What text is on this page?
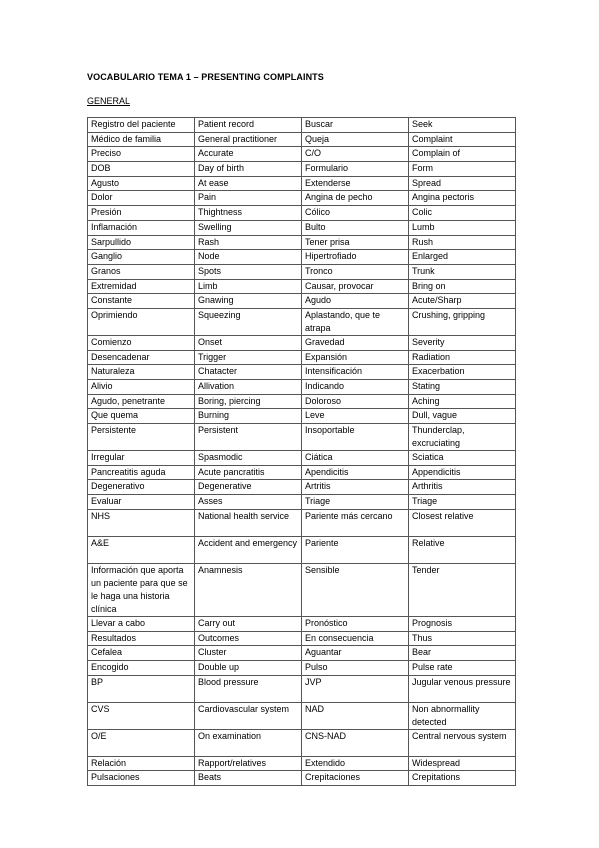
VOCABULARIO TEMA 1 – PRESENTING COMPLAINTS
GENERAL
Registro del paciente	Patient record	Buscar	Seek
Médico de familia	General practitioner	Queja	Complaint
Preciso	Accurate	C/O	Complain of
DOB	Day of birth	Formulario	Form
Agusto	At ease	Extenderse	Spread
Dolor	Pain	Angina de pecho	Angina pectoris
Presión	Thightness	Cólico	Colic
Inflamación	Swelling	Bulto	Lumb
Sarpullido	Rash	Tener prisa	Rush
Ganglio	Node	Hipertrofiado	Enlarged
Granos	Spots	Tronco	Trunk
Extremidad	Limb	Causar, provocar	Bring on
Constante	Gnawing	Agudo	Acute/Sharp
Oprimiendo	Squeezing	Aplastando, que te atrapa	Crushing, gripping
Comienzo	Onset	Gravedad	Severity
Desencadenar	Trigger	Expansión	Radiation
Naturaleza	Chatacter	Intensificación	Exacerbation
Alivio	Allivation	Indicando	Stating
Agudo, penetrante	Boring, piercing	Doloroso	Aching
Que quema	Burning	Leve	Dull, vague
Persistente	Persistent	Insoportable	Thunderclap, excruciating
Irregular	Spasmodic	Ciática	Sciatica
Pancreatitis aguda	Acute pancratitis	Apendicitis	Appendicitis
Degenerativo	Degenerative	Artritis	Arthritis
Evaluar	Asses	Triage	Triage
NHS	National health service	Pariente más cercano	Closest relative
A&E	Accident and emergency	Pariente	Relative
Información que aporta un paciente para que se le haga una historia clínica	Anamnesis	Sensible	Tender
Llevar a cabo	Carry out	Pronóstico	Prognosis
Resultados	Outcomes	En consecuencia	Thus
Cefalea	Cluster	Aguantar	Bear
Encogido	Double up	Pulso	Pulse rate
BP	Blood pressure	JVP	Jugular venous pressure
CVS	Cardiovascular system	NAD	Non abnormallity detected
O/E	On examination	CNS-NAD	Central nervous system
Relación	Rapport/relatives	Extendido	Widespread
Pulsaciones	Beats	Crepitaciones	Crepitations
